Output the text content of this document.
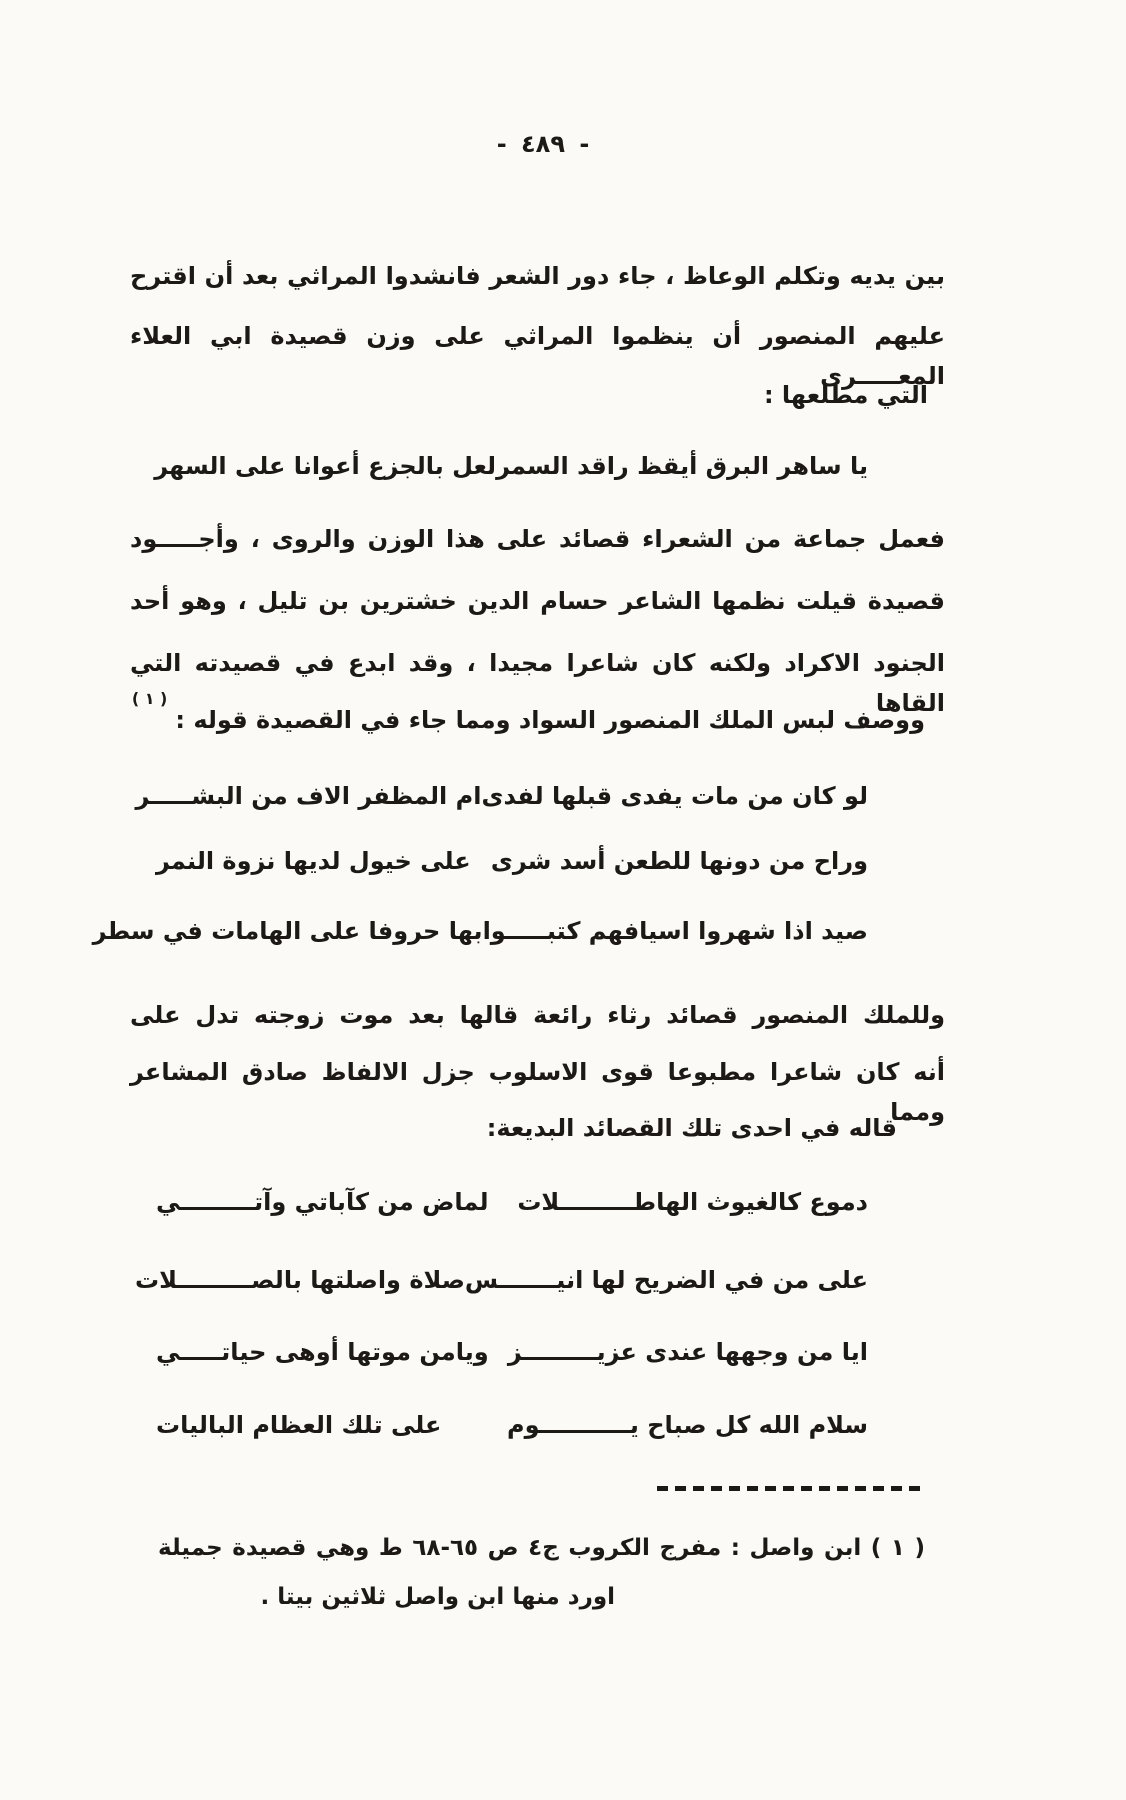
- ٤٨٩ -
بين يديه وتكلم الوعاظ ، جاء دور الشعر فانشدوا المراثي بعد أن اقترح
عليهم المنصور أن ينظموا المراثي على وزن قصيدة ابي العلاء المعـــــرى
التي مطلعها :
يا ساهر البرق أيقظ راقد السمر
لعل بالجزع أعوانا على السهر
فعمل جماعة من الشعراء قصائد على هذا الوزن والروى ، وأجـــــود
قصيدة قيلت نظمها الشاعر حسام الدين خشترين بن تليل ، وهو أحد
الجنود الاكراد ولكنه كان شاعرا مجيدا ، وقد ابدع في قصيدته التي القاها
ووصف لبس الملك المنصور السواد ومما جاء في القصيدة قوله :$^{( ١ )}$
لو كان من مات يفدى قبلها لفدى
ام المظفر الاف من البشـــــر
وراح من دونها للطعن أسد شرى
على خيول لديها نزوة النمر
صيد اذا شهروا اسيافهم كتبـــــوا
بها حروفا على الهامات في سطر
وللملك المنصور قصائد رثاء رائعة قالها بعد موت زوجته تدل على
أنه كان شاعرا مطبوعا قوى الاسلوب جزل الالفاظ صادق المشاعر ومما
قاله في احدى تلك القصائد البديعة:
دموع كالغيوث الهاطـــــــــلات
لماض من كآباتي وآتـــــــــي
على من في الضريح لها انيـــــــس
صلاة واصلتها بالصـــــــــلات
ايا من وجهها عندى عزيـــــــــز
ويامن موتها أوهى حياتـــــي
سلام الله كل صباح يـــــــــــوم
على تلك العظام الباليات
( ١ ) ابن واصل : مفرج الكروب ج٤ ص ٦٥-٦٨ ط وهي قصيدة جميلة
اورد منها ابن واصل ثلاثين بيتا .
